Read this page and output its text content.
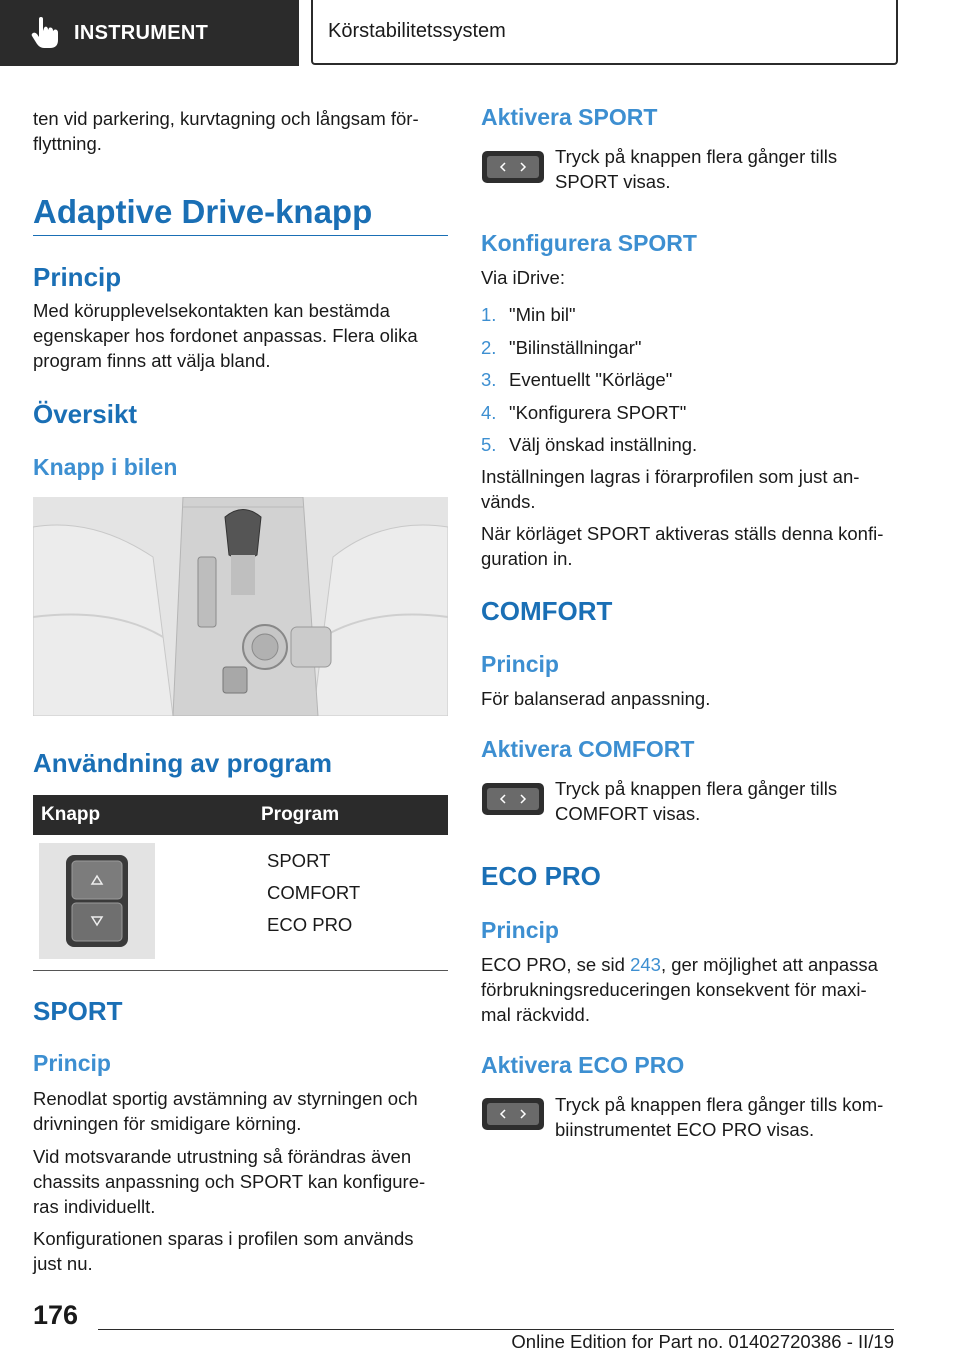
INSTRUMENT	Körstabilitetssystem

ten vid parkering, kurvtagning och långsam för-flyttning.

Adaptive Drive-knapp
Princip

Med körupplevelsekontakten kan bestämda egenskaper hos fordonet anpassas. Flera olika program finns att välja bland.

Översikt
Knapp i bilen
Användning av program
Knapp	Program

SPORT
COMFORT
ECO PRO
SPORT
Princip

Renodlat sportig avstämning av styrningen och drivningen för smidigare körning.

Vid motsvarande utrustning så förändras även chassits anpassning och SPORT kan konfigure-ras individuellt.

Konfigurationen sparas i profilen som används just nu.

Aktivera SPORT

Tryck på knappen flera gånger tills SPORT visas.

Konfigurera SPORT

Via iDrive:

1. "Min bil"
2. "Bilinställningar"
3. Eventuellt "Körläge"
4. "Konfigurera SPORT"
5. Välj önskad inställning.

Inställningen lagras i förarprofilen som just an-vänds.

När körläget SPORT aktiveras ställs denna konfi-guration in.

COMFORT
Princip

För balanserad anpassning.

Aktivera COMFORT

Tryck på knappen flera gånger tills COMFORT visas.

ECO PRO
Princip

ECO PRO, se sid 243, ger möjlighet att anpassa förbrukningsreduceringen konsekvent för maxi-mal räckvidd.

Aktivera ECO PRO

Tryck på knappen flera gånger tills kom-biinstrumentet ECO PRO visas.

176
Online Edition for Part no. 01402720386 - II/19
